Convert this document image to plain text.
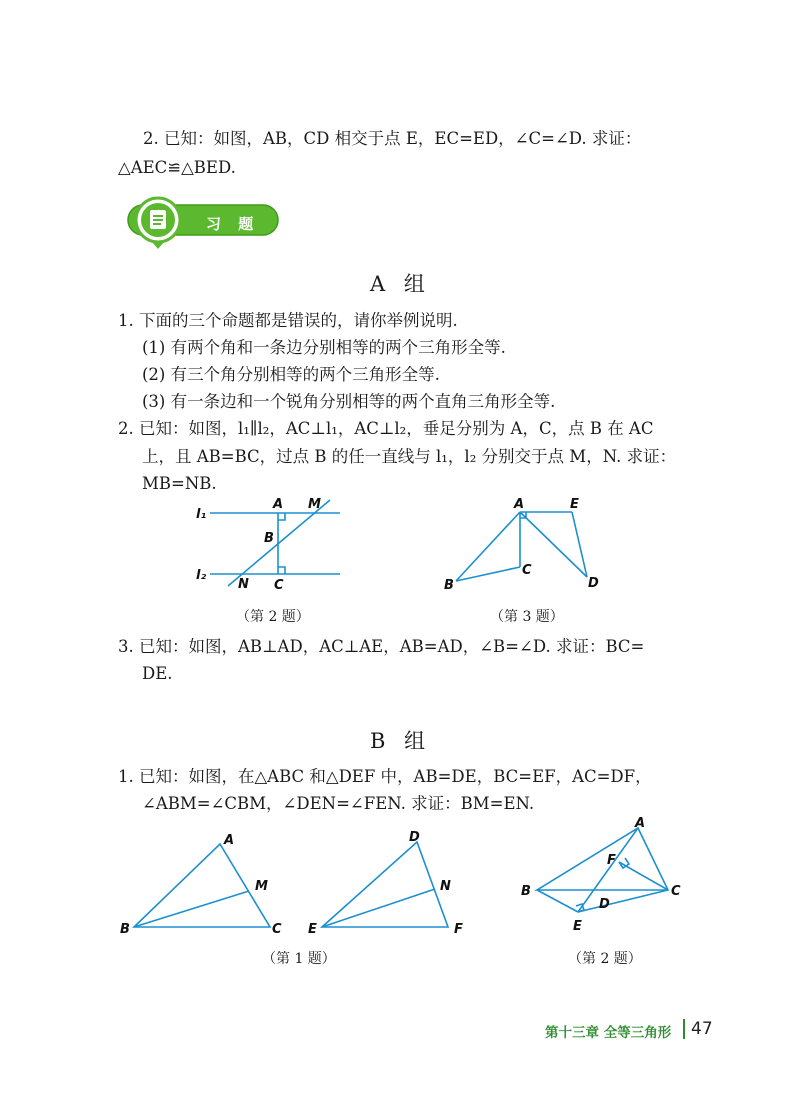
2. 已知：如图，AB，CD 相交于点 E，EC=ED，∠C=∠D. 求证：
△AEC≌△BED.
习 题
A 组
1. 下面的三个命题都是错误的，请你举例说明.
(1) 有两个角和一条边分别相等的两个三角形全等.
(2) 有三个角分别相等的两个三角形全等.
(3) 有一条边和一个锐角分别相等的两个直角三角形全等.
2. 已知：如图，l₁∥l₂，AC⊥l₁，AC⊥l₂，垂足分别为 A，C，点 B 在 AC
上，且 AB=BC，过点 B 的任一直线与 l₁，l₂ 分别交于点 M，N. 求证：
MB=NB.
l₁
l₂
A M
B
N C
（第 2 题）
A	E
C
B	D
（第 3 题）
3. 已知：如图，AB⊥AD，AC⊥AE，AB=AD，∠B=∠D. 求证：BC=
DE.
B 组
1. 已知：如图，在△ABC 和△DEF 中，AB=DE，BC=EF，AC=DF，
∠ABM=∠CBM，∠DEN=∠FEN. 求证：BM=EN.
A
M
B	C
D
N
E	F
（第 1 题）
A
F
B	C
D
E
（第 2 题）
第十三章 全等三角形 47
